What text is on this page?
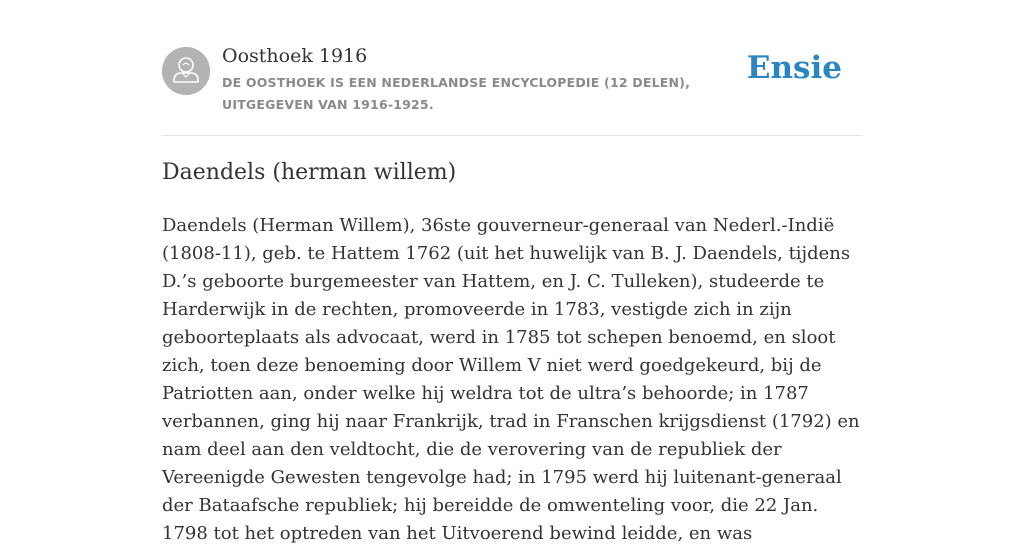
Oosthoek 1916
DE OOSTHOEK IS EEN NEDERLANDSE ENCYCLOPEDIE (12 DELEN), UITGEGEVEN VAN 1916-1925.
Ensie
Daendels (herman willem)

Daendels (Herman Willem), 36ste gouverneur-generaal van Nederl.-Indië (1808-11), geb. te Hattem 1762 (uit het huwelijk van B. J. Daendels, tijdens D.’s geboorte burgemeester van Hattem, en J. C. Tulleken), studeerde te Harderwijk in de rechten, promoveerde in 1783, vestigde zich in zijn geboorteplaats als advocaat, werd in 1785 tot schepen benoemd, en sloot zich, toen deze benoeming door Willem V niet werd goedgekeurd, bij de Patriotten aan, onder welke hij weldra tot de ultra’s behoorde; in 1787 verbannen, ging hij naar Frankrijk, trad in Franschen krijgsdienst (1792) en nam deel aan den veldtocht, die de verovering van de republiek der Vereenigde Gewesten tengevolge had; in 1795 werd hij luitenant-generaal der Bataafsche republiek; hij bereidde de omwenteling voor, die 22 Jan. 1798 tot het optreden van het Uitvoerend bewind leidde, en was
